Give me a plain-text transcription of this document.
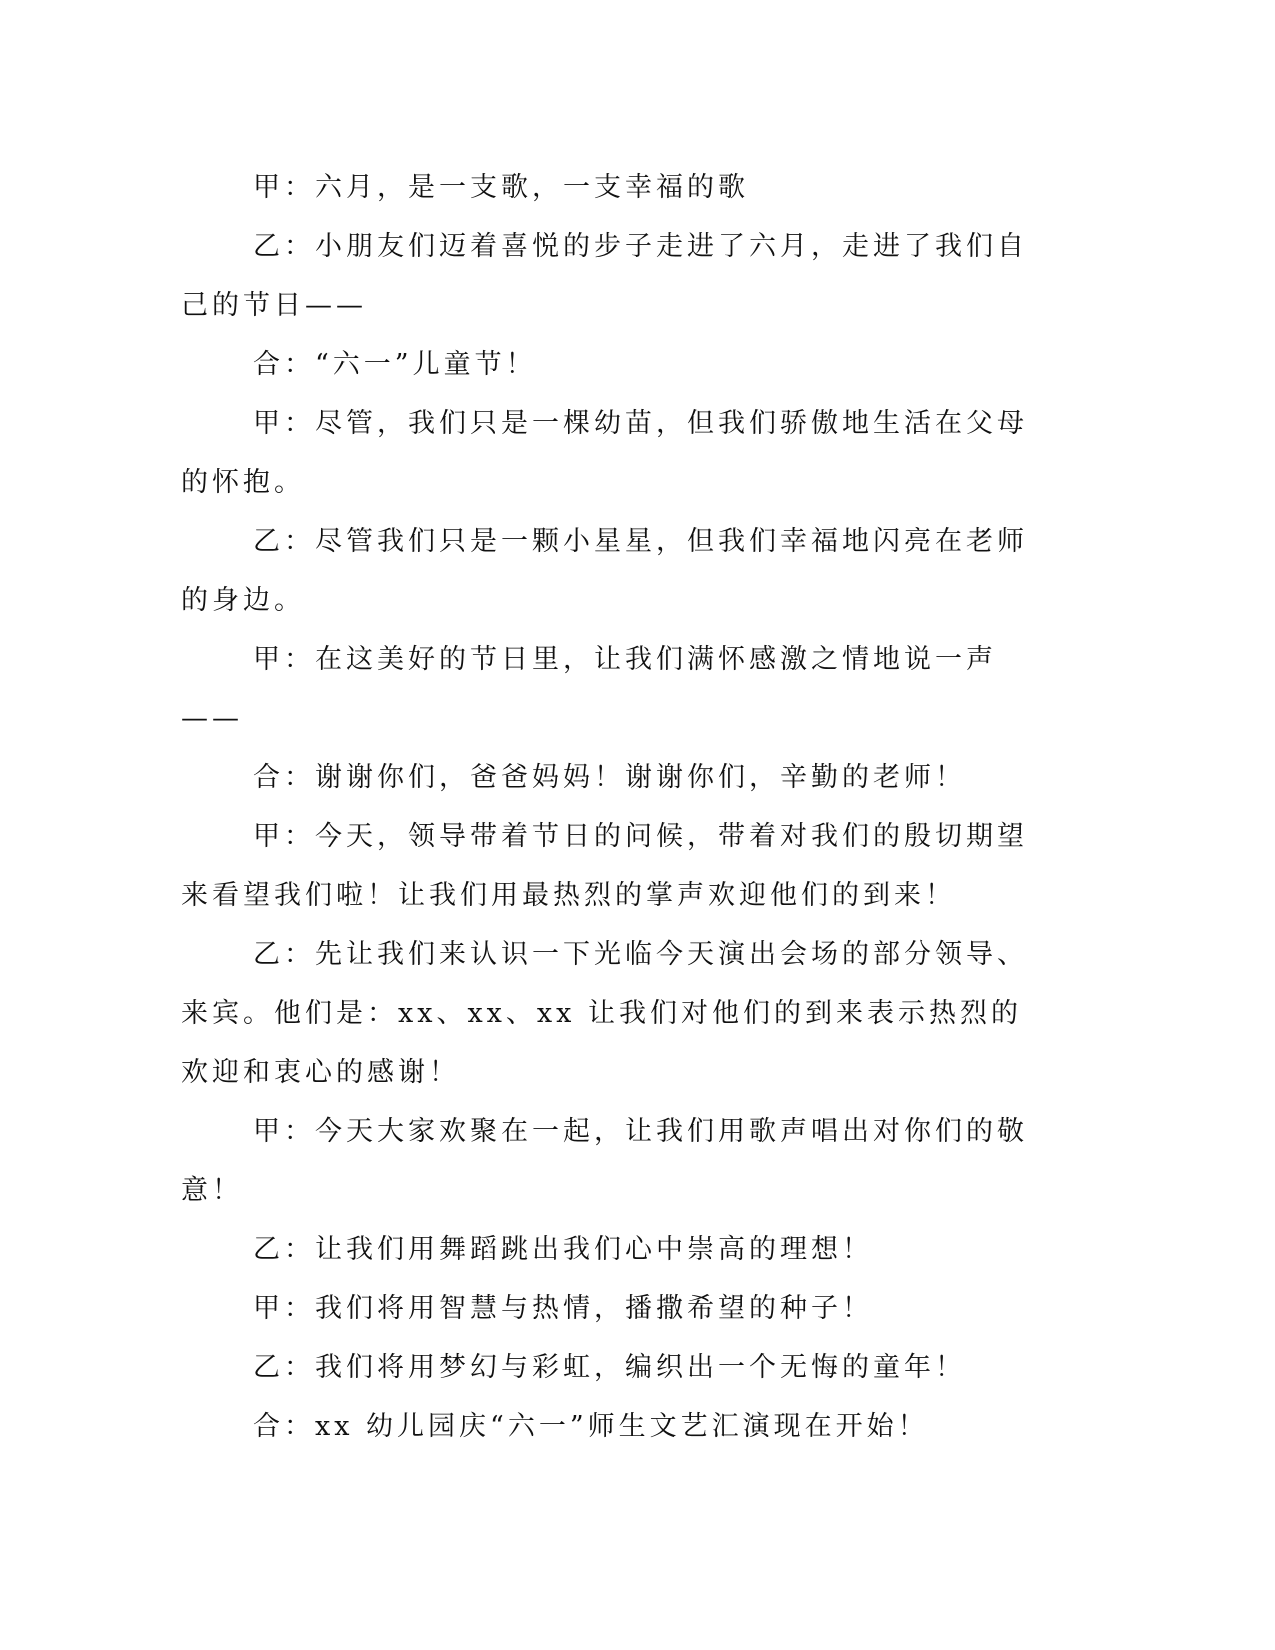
甲：六月，是一支歌，一支幸福的歌

乙：小朋友们迈着喜悦的步子走进了六月，走进了我们自己的节日——

合：“六一”儿童节！

甲：尽管，我们只是一棵幼苗，但我们骄傲地生活在父母的怀抱。

乙：尽管我们只是一颗小星星，但我们幸福地闪亮在老师的身边。

甲：在这美好的节日里，让我们满怀感激之情地说一声——

合：谢谢你们，爸爸妈妈！谢谢你们，辛勤的老师！

甲：今天，领导带着节日的问候，带着对我们的殷切期望来看望我们啦！让我们用最热烈的掌声欢迎他们的到来！

乙：先让我们来认识一下光临今天演出会场的部分领导、来宾。他们是：xx、xx、xx 让我们对他们的到来表示热烈的欢迎和衷心的感谢！

甲：今天大家欢聚在一起，让我们用歌声唱出对你们的敬意！

乙：让我们用舞蹈跳出我们心中崇高的理想！

甲：我们将用智慧与热情，播撒希望的种子！

乙：我们将用梦幻与彩虹，编织出一个无悔的童年！

合：xx 幼儿园庆“六一”师生文艺汇演现在开始！
